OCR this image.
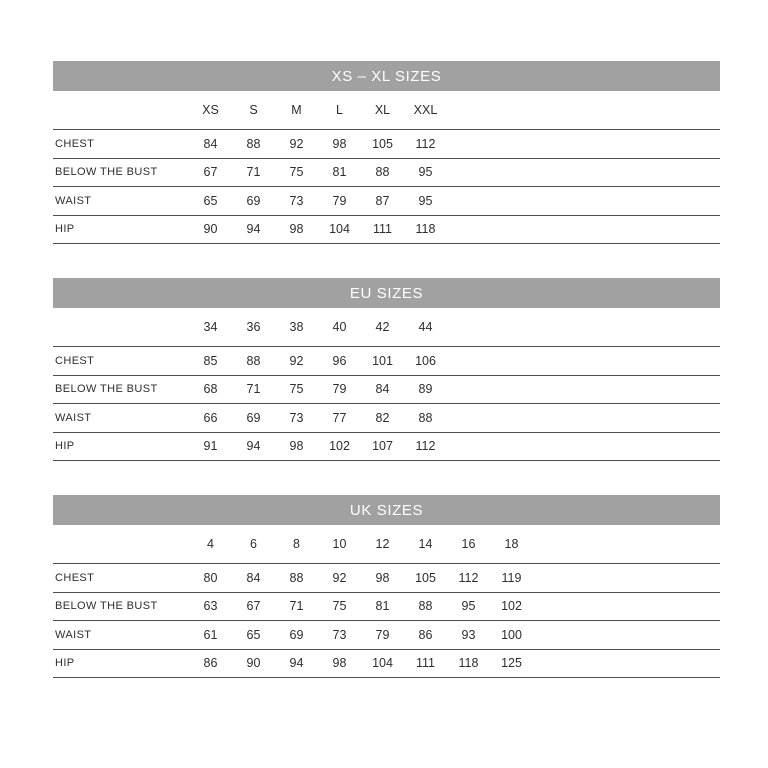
XS – XL SIZES
	XS	S	M	L	XL	XXL	
CHEST	84	88	92	98	105	112	
BELOW THE BUST	67	71	75	81	88	95	
WAIST	65	69	73	79	87	95	
HIP	90	94	98	104	111	118	
EU SIZES
	34	36	38	40	42	44	
CHEST	85	88	92	96	101	106	
BELOW THE BUST	68	71	75	79	84	89	
WAIST	66	69	73	77	82	88	
HIP	91	94	98	102	107	112	
UK SIZES
	4	6	8	10	12	14	16	18	
CHEST	80	84	88	92	98	105	112	119	
BELOW THE BUST	63	67	71	75	81	88	95	102	
WAIST	61	65	69	73	79	86	93	100	
HIP	86	90	94	98	104	111	118	125	
